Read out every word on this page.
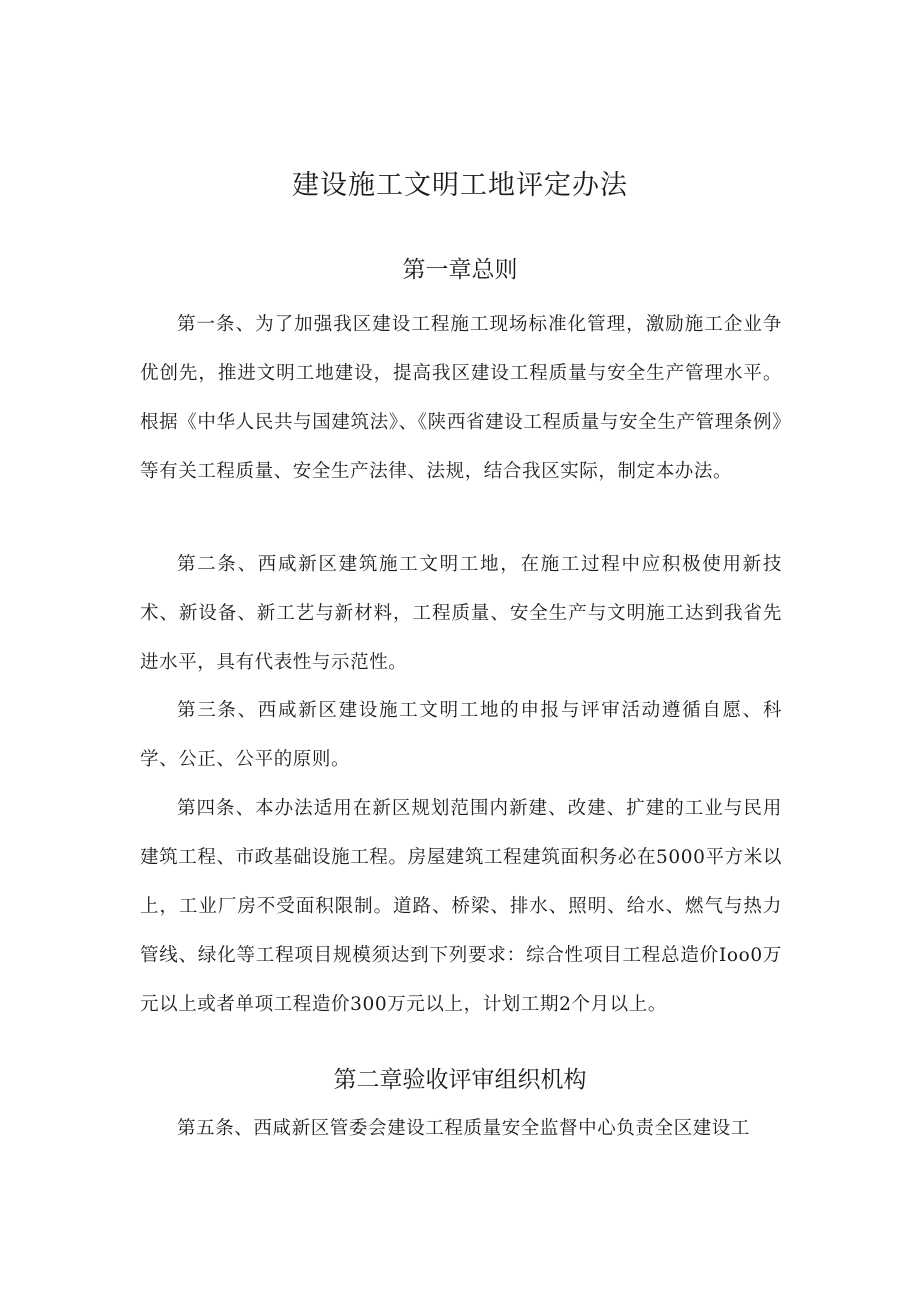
建设施工文明工地评定办法
第一章总则

第一条、为了加强我区建设工程施工现场标准化管理，激励施工企业争优创先，推进文明工地建设，提高我区建设工程质量与安全生产管理水平。根据《中华人民共与国建筑法》、《陕西省建设工程质量与安全生产管理条例》等有关工程质量、安全生产法律、法规，结合我区实际，制定本办法。

第二条、西咸新区建筑施工文明工地，在施工过程中应积极使用新技术、新设备、新工艺与新材料，工程质量、安全生产与文明施工达到我省先进水平，具有代表性与示范性。

第三条、西咸新区建设施工文明工地的申报与评审活动遵循自愿、科学、公正、公平的原则。

第四条、本办法适用在新区规划范围内新建、改建、扩建的工业与民用建筑工程、市政基础设施工程。房屋建筑工程建筑面积务必在5000平方米以上，工业厂房不受面积限制。道路、桥梁、排水、照明、给水、燃气与热力管线、绿化等工程项目规模须达到下列要求：综合性项目工程总造价Ioo0万元以上或者单项工程造价300万元以上，计划工期2个月以上。

第二章验收评审组织机构

第五条、西咸新区管委会建设工程质量安全监督中心负责全区建设工
